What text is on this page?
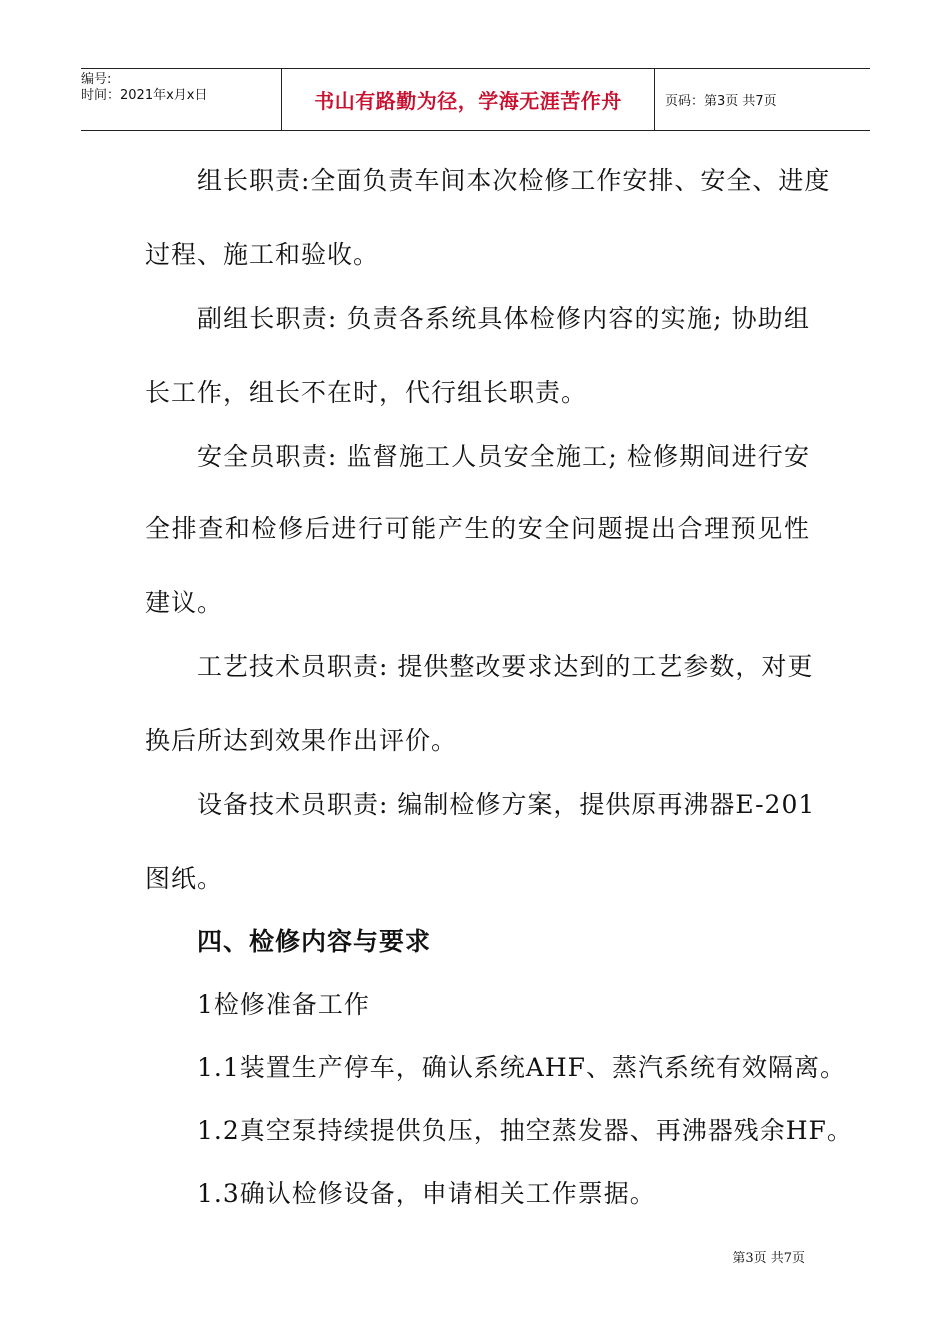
编号:
时间：2021年x月x日	书山有路勤为径，学海无涯苦作舟	页码：第3页 共7页
组长职责:全面负责车间本次检修工作安排、安全、进度
过程、施工和验收。
副组长职责: 负责各系统具体检修内容的实施; 协助组
长工作，组长不在时，代行组长职责。
安全员职责: 监督施工人员安全施工; 检修期间进行安
全排查和检修后进行可能产生的安全问题提出合理预见性
建议。
工艺技术员职责: 提供整改要求达到的工艺参数，对更
换后所达到效果作出评价。
设备技术员职责: 编制检修方案，提供原再沸器E-201
图纸。
四、检修内容与要求
1检修准备工作
1.1装置生产停车，确认系统AHF、蒸汽系统有效隔离。
1.2真空泵持续提供负压，抽空蒸发器、再沸器残余HF。
1.3确认检修设备，申请相关工作票据。
第3页 共7页
